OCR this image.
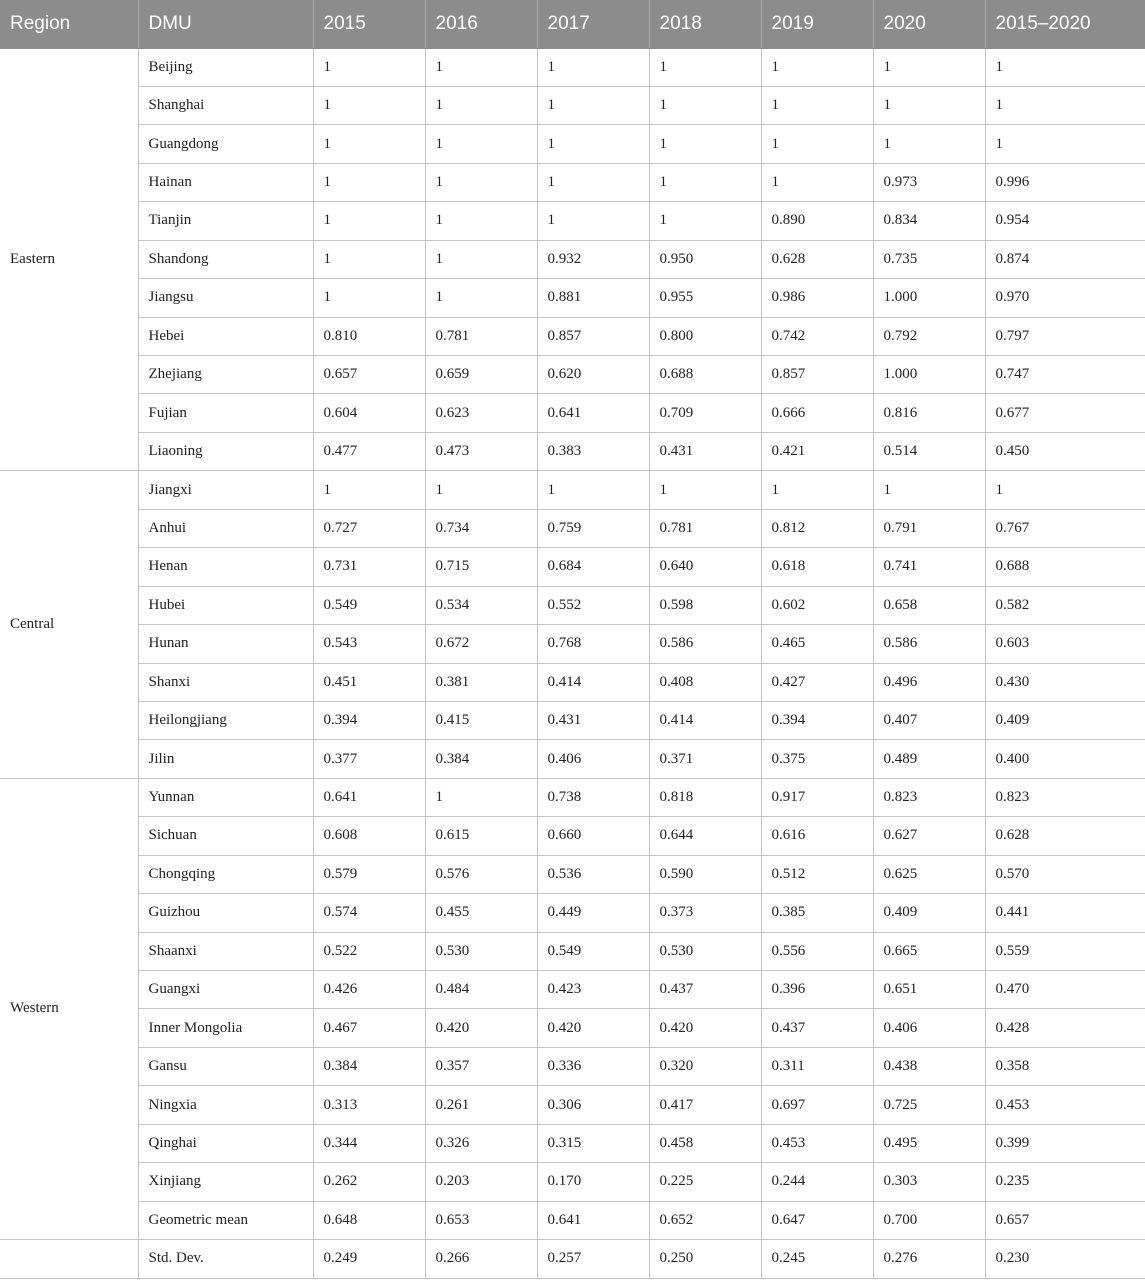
Region	DMU	2015	2016	2017	2018	2019	2020	2015–2020
Eastern	Beijing	1	1	1	1	1	1	1
	Shanghai	1	1	1	1	1	1	1
	Guangdong	1	1	1	1	1	1	1
	Hainan	1	1	1	1	1	0.973	0.996
	Tianjin	1	1	1	1	0.890	0.834	0.954
	Shandong	1	1	0.932	0.950	0.628	0.735	0.874
	Jiangsu	1	1	0.881	0.955	0.986	1.000	0.970
	Hebei	0.810	0.781	0.857	0.800	0.742	0.792	0.797
	Zhejiang	0.657	0.659	0.620	0.688	0.857	1.000	0.747
	Fujian	0.604	0.623	0.641	0.709	0.666	0.816	0.677
	Liaoning	0.477	0.473	0.383	0.431	0.421	0.514	0.450
Central	Jiangxi	1	1	1	1	1	1	1
	Anhui	0.727	0.734	0.759	0.781	0.812	0.791	0.767
	Henan	0.731	0.715	0.684	0.640	0.618	0.741	0.688
	Hubei	0.549	0.534	0.552	0.598	0.602	0.658	0.582
	Hunan	0.543	0.672	0.768	0.586	0.465	0.586	0.603
	Shanxi	0.451	0.381	0.414	0.408	0.427	0.496	0.430
	Heilongjiang	0.394	0.415	0.431	0.414	0.394	0.407	0.409
	Jilin	0.377	0.384	0.406	0.371	0.375	0.489	0.400
Western	Yunnan	0.641	1	0.738	0.818	0.917	0.823	0.823
	Sichuan	0.608	0.615	0.660	0.644	0.616	0.627	0.628
	Chongqing	0.579	0.576	0.536	0.590	0.512	0.625	0.570
	Guizhou	0.574	0.455	0.449	0.373	0.385	0.409	0.441
	Shaanxi	0.522	0.530	0.549	0.530	0.556	0.665	0.559
	Guangxi	0.426	0.484	0.423	0.437	0.396	0.651	0.470
	Inner Mongolia	0.467	0.420	0.420	0.420	0.437	0.406	0.428
	Gansu	0.384	0.357	0.336	0.320	0.311	0.438	0.358
	Ningxia	0.313	0.261	0.306	0.417	0.697	0.725	0.453
	Qinghai	0.344	0.326	0.315	0.458	0.453	0.495	0.399
	Xinjiang	0.262	0.203	0.170	0.225	0.244	0.303	0.235
	Geometric mean	0.648	0.653	0.641	0.652	0.647	0.700	0.657
	Std. Dev.	0.249	0.266	0.257	0.250	0.245	0.276	0.230
